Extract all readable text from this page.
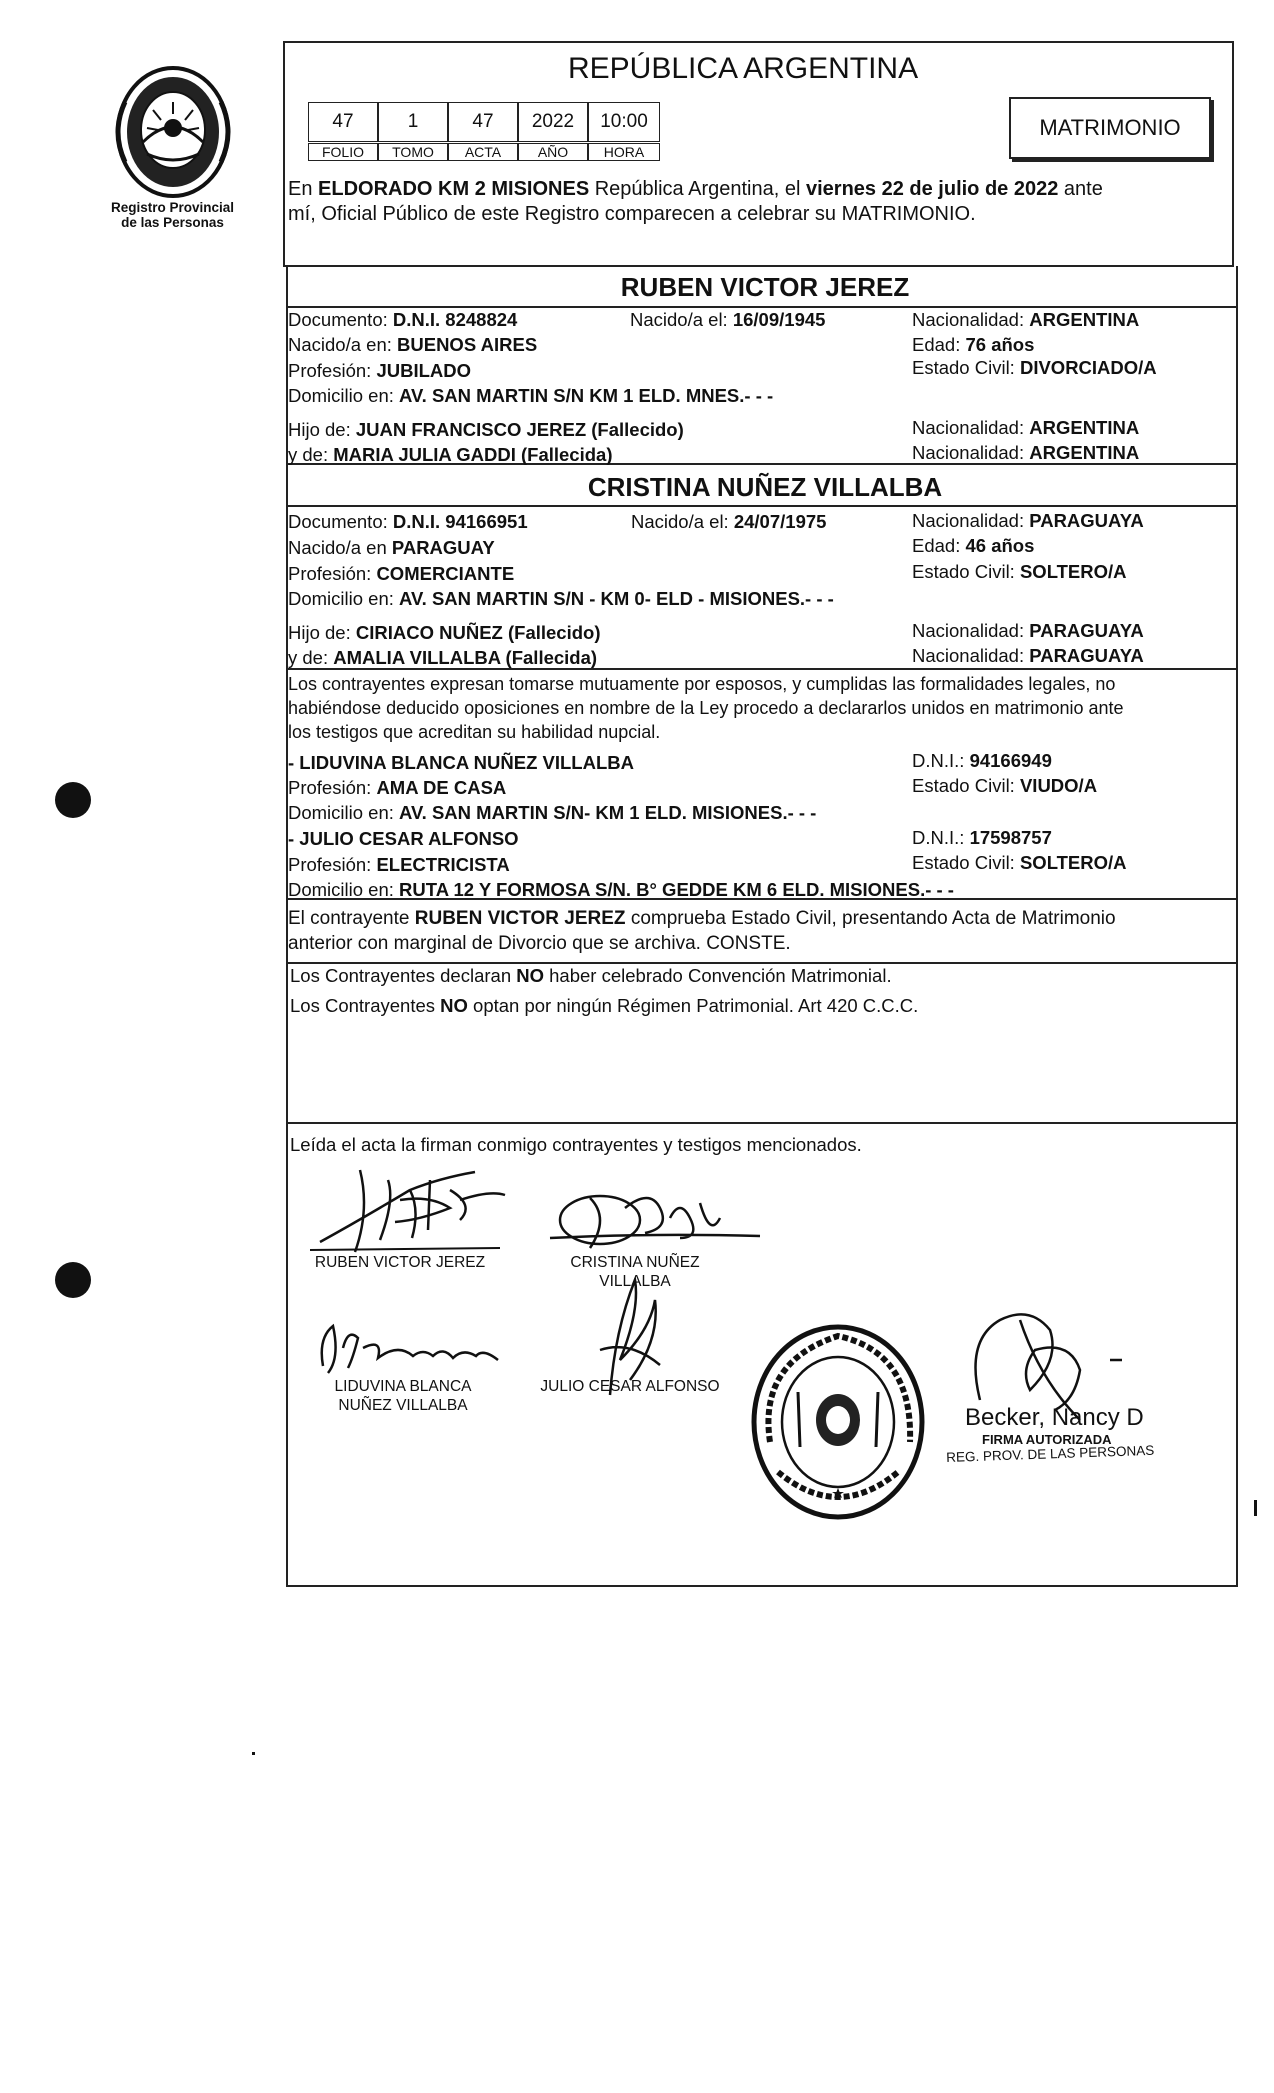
Registro Provincial
de las Personas
REPÚBLICA ARGENTINA
MATRIMONIO
47	1	47	2022	10:00
FOLIO	TOMO	ACTA	AÑO	HORA
En ELDORADO KM 2 MISIONES República Argentina, el viernes 22 de julio de 2022 ante
mí, Oficial Público de este Registro comparecen a celebrar su MATRIMONIO.
RUBEN VICTOR JEREZ
Documento: D.N.I. 8248824	Nacido/a el: 16/09/1945	Nacionalidad: ARGENTINA
Nacido/a en: BUENOS AIRES	Edad: 76 años
Profesión: JUBILADO	Estado Civil: DIVORCIADO/A
Domicilio en: AV. SAN MARTIN S/N KM 1 ELD. MNES.- - -
Hijo de: JUAN FRANCISCO JEREZ (Fallecido)	Nacionalidad: ARGENTINA
y de: MARIA JULIA GADDI (Fallecida)	Nacionalidad: ARGENTINA
CRISTINA NUÑEZ VILLALBA
Documento: D.N.I. 94166951	Nacido/a el: 24/07/1975	Nacionalidad: PARAGUAYA
Nacido/a en PARAGUAY	Edad: 46 años
Profesión: COMERCIANTE	Estado Civil: SOLTERO/A
Domicilio en: AV. SAN MARTIN S/N - KM 0- ELD - MISIONES.- - -
Hijo de: CIRIACO NUÑEZ (Fallecido)	Nacionalidad: PARAGUAYA
y de: AMALIA VILLALBA (Fallecida)	Nacionalidad: PARAGUAYA
Los contrayentes expresan tomarse mutuamente por esposos, y cumplidas las formalidades legales, no
habiéndose deducido oposiciones en nombre de la Ley procedo a declararlos unidos en matrimonio ante
los testigos que acreditan su habilidad nupcial.
- LIDUVINA BLANCA NUÑEZ VILLALBA	D.N.I.: 94166949
Profesión: AMA DE CASA	Estado Civil: VIUDO/A
Domicilio en: AV. SAN MARTIN S/N- KM 1 ELD. MISIONES.- - -
- JULIO CESAR ALFONSO	D.N.I.: 17598757
Profesión: ELECTRICISTA	Estado Civil: SOLTERO/A
Domicilio en: RUTA 12 Y FORMOSA S/N. B° GEDDE KM 6 ELD. MISIONES.- - -
El contrayente RUBEN VICTOR JEREZ comprueba Estado Civil, presentando Acta de Matrimonio
anterior con marginal de Divorcio que se archiva. CONSTE.
Los Contrayentes declaran NO haber celebrado Convención Matrimonial.
Los Contrayentes NO optan por ningún Régimen Patrimonial. Art 420 C.C.C.
Leída el acta la firman conmigo contrayentes y testigos mencionados.
RUBEN VICTOR JEREZ	CRISTINA NUÑEZ
VILLALBA
LIDUVINA BLANCA
NUÑEZ VILLALBA
JULIO CESAR ALFONSO
Becker, Nancy D
FIRMA AUTORIZADA
REG. PROV. DE LAS PERSONAS
